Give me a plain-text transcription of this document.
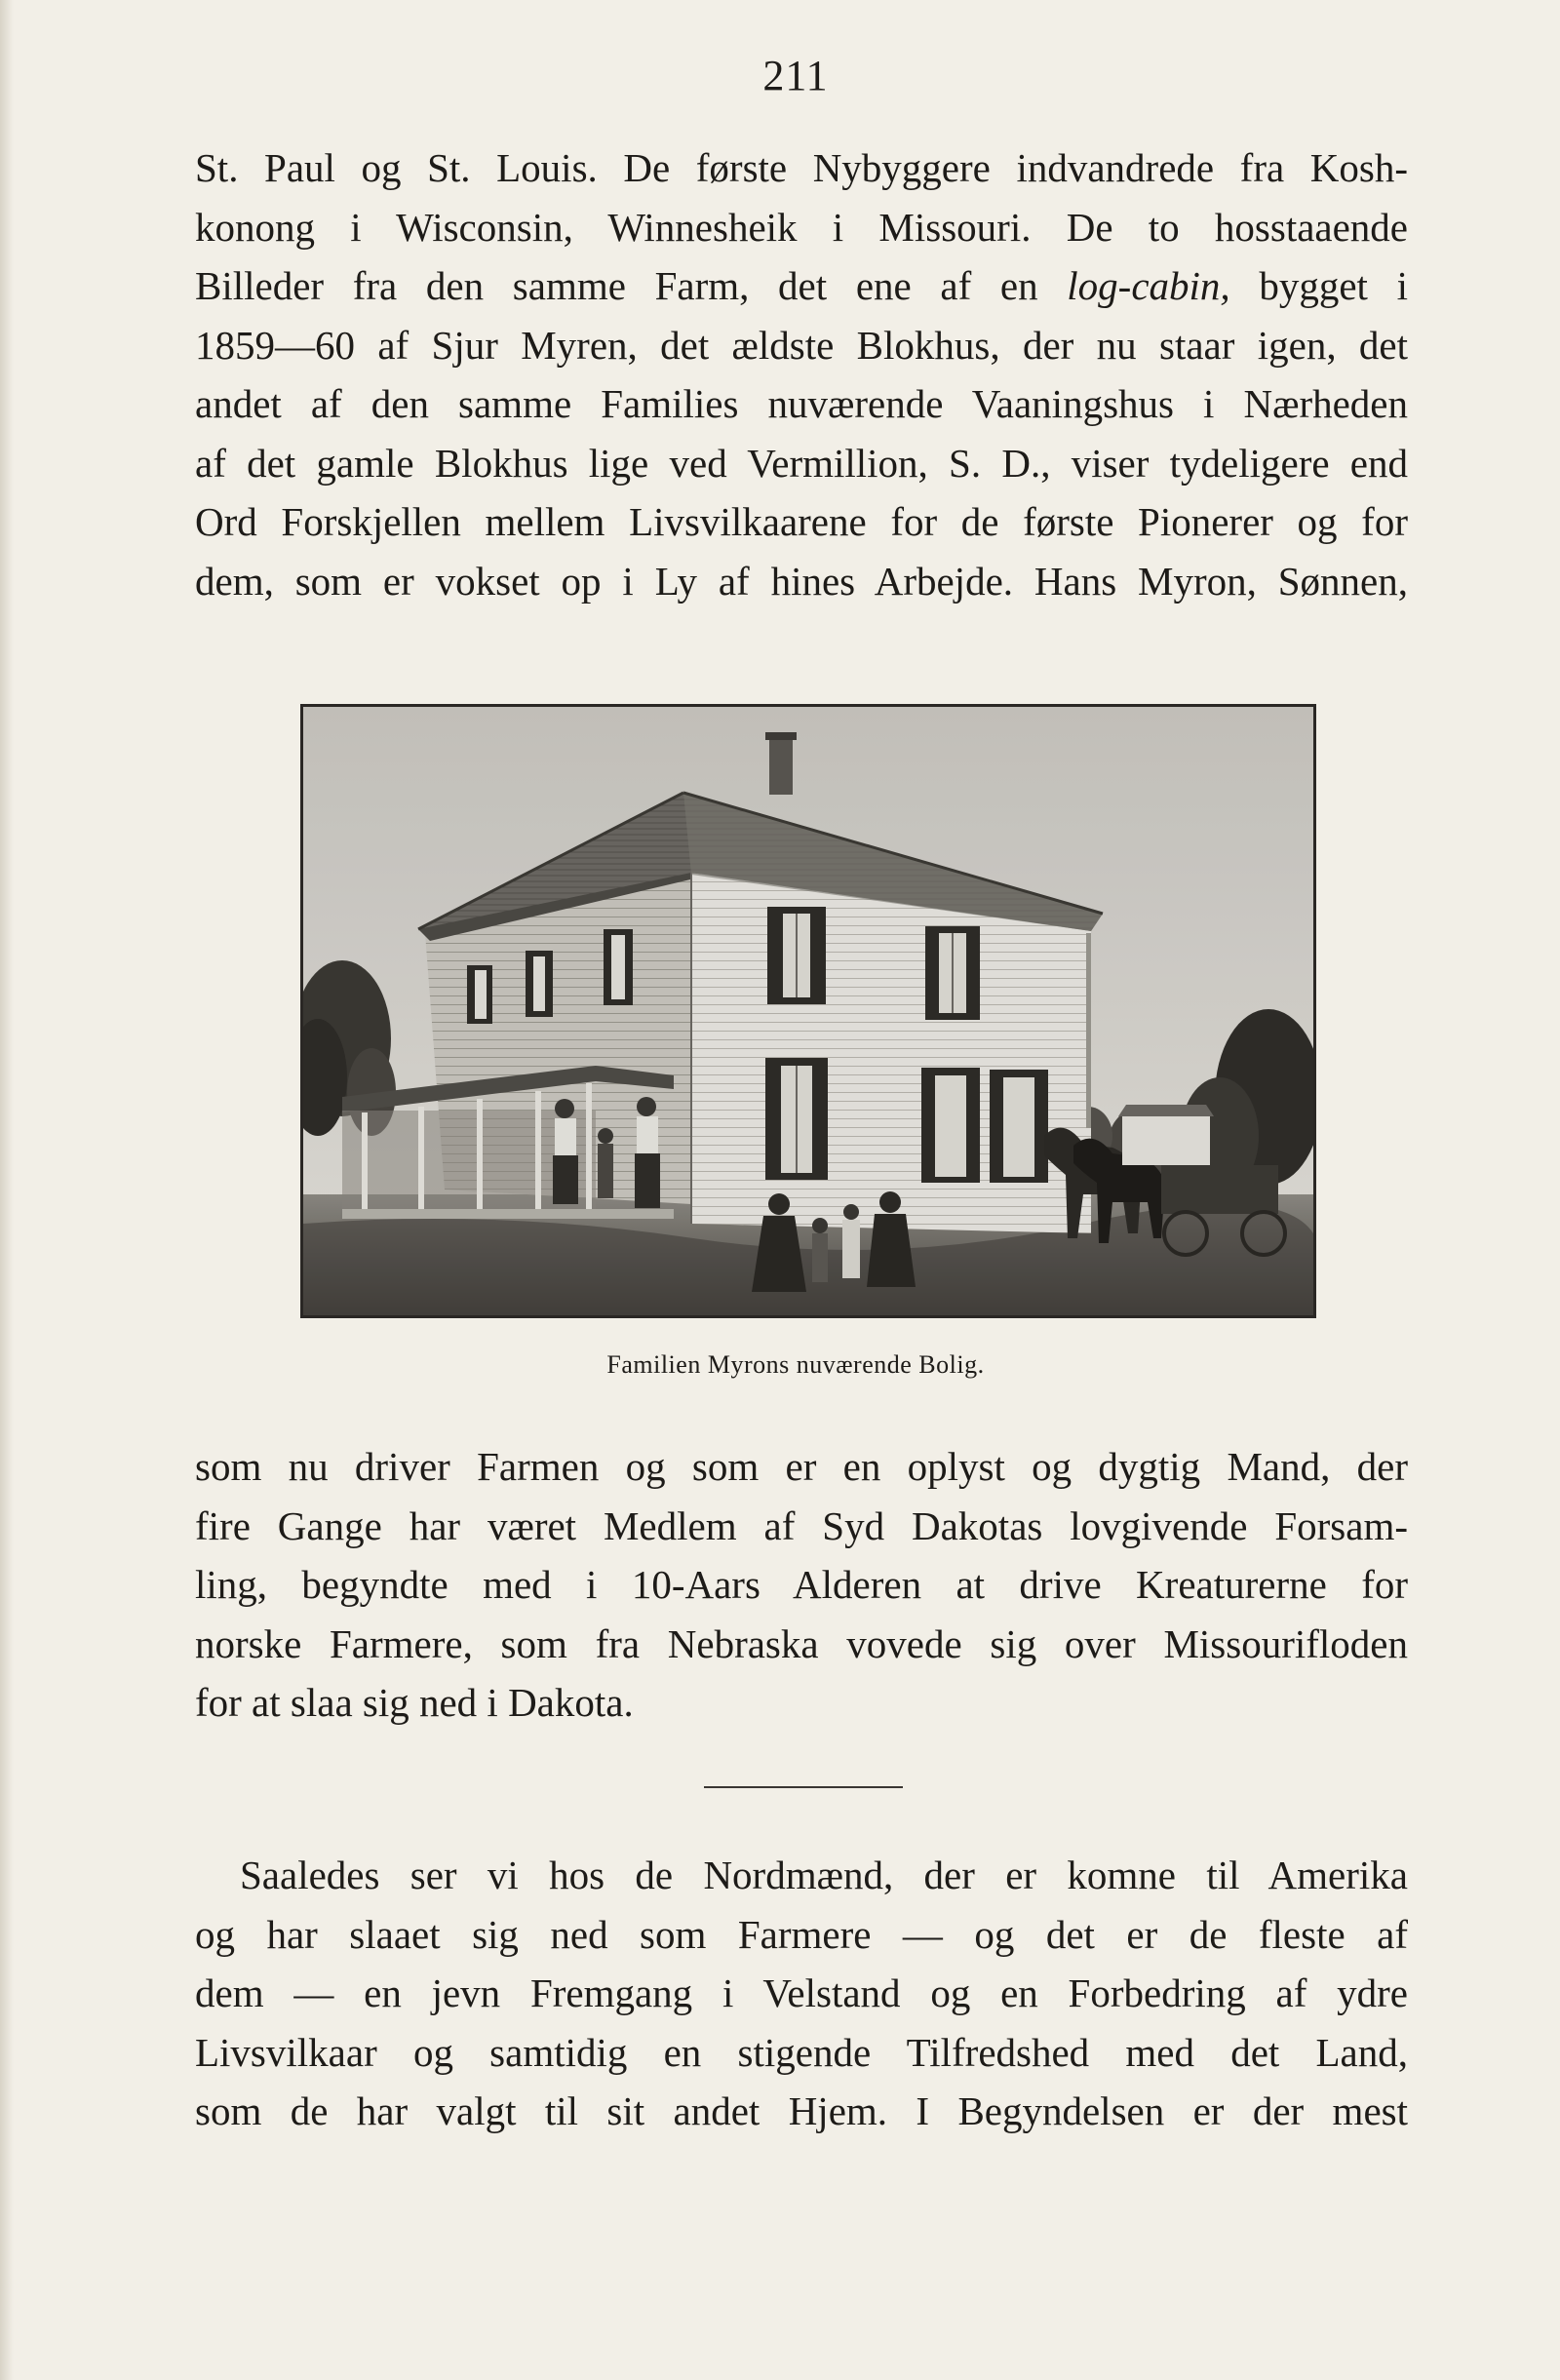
211
St. Paul og St. Louis. De første Nybyggere indvandrede fra Kosh-
konong i Wisconsin, Winnesheik i Missouri. De to hosstaaende
Billeder fra den samme Farm, det ene af en log-cabin, bygget i
1859—60 af Sjur Myren, det ældste Blokhus, der nu staar igen, det
andet af den samme Families nuværende Vaaningshus i Nærheden
af det gamle Blokhus lige ved Vermillion, S. D., viser tydeligere end
Ord Forskjellen mellem Livsvilkaarene for de første Pionerer og for
dem, som er vokset op i Ly af hines Arbejde. Hans Myron, Sønnen,
Familien Myrons nuværende Bolig.
som nu driver Farmen og som er en oplyst og dygtig Mand, der
fire Gange har været Medlem af Syd Dakotas lovgivende Forsam-
ling, begyndte med i 10-Aars Alderen at drive Kreaturerne for
norske Farmere, som fra Nebraska vovede sig over Missourifloden
for at slaa sig ned i Dakota.
Saaledes ser vi hos de Nordmænd, der er komne til Amerika
og har slaaet sig ned som Farmere — og det er de fleste af
dem — en jevn Fremgang i Velstand og en Forbedring af ydre
Livsvilkaar og samtidig en stigende Tilfredshed med det Land,
som de har valgt til sit andet Hjem. I Begyndelsen er der mest
